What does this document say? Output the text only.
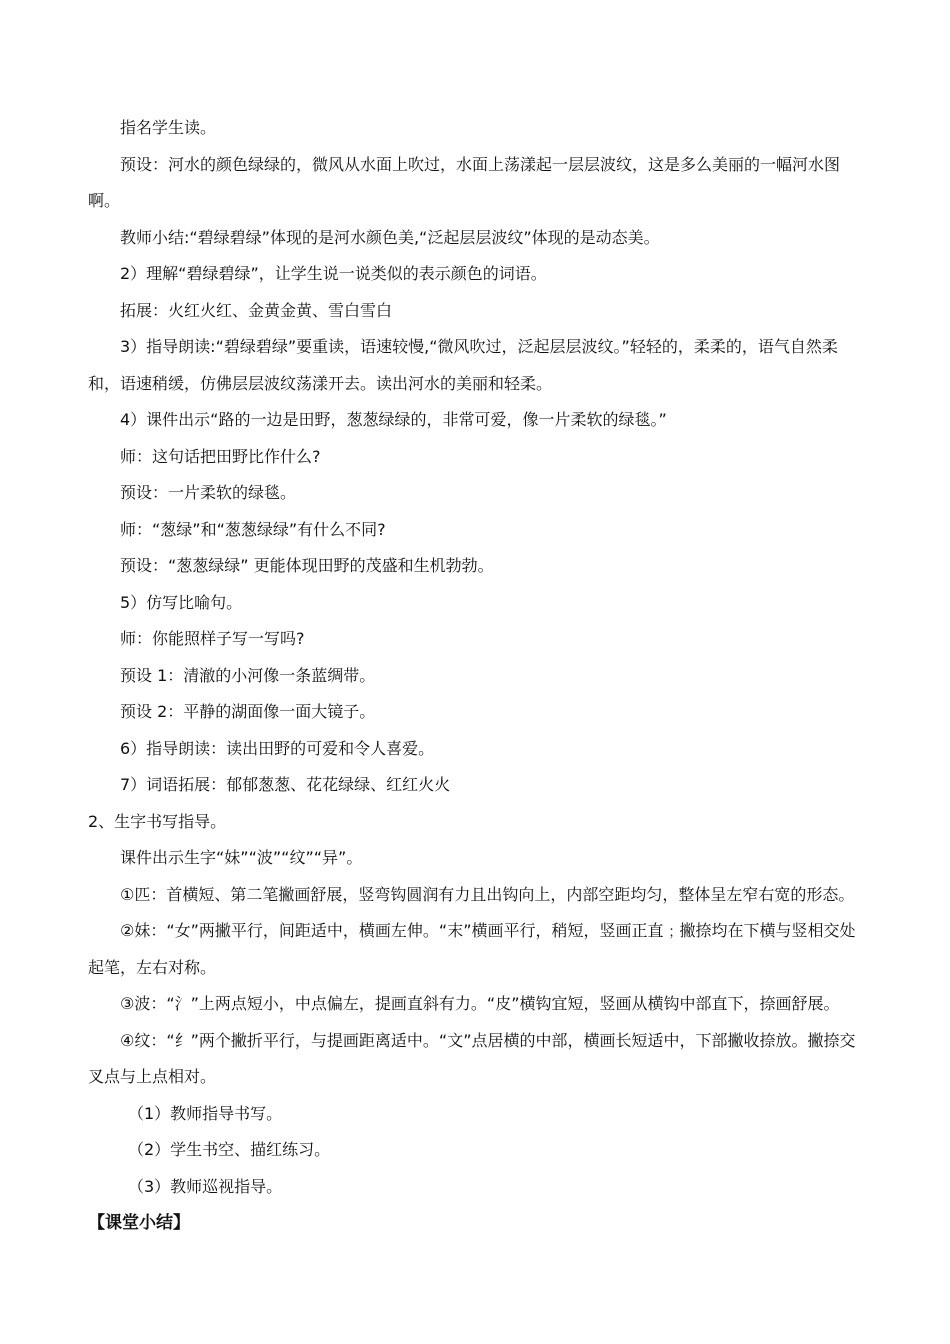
指名学生读。

预设：河水的颜色绿绿的，微风从水面上吹过，水面上荡漾起一层层波纹，这是多么美丽的一幅河水图啊。

教师小结:“碧绿碧绿”体现的是河水颜色美,“泛起层层波纹”体现的是动态美。

2）理解“碧绿碧绿”，让学生说一说类似的表示颜色的词语。

拓展：火红火红、金黄金黄、雪白雪白

3）指导朗读:“碧绿碧绿”要重读，语速较慢,“微风吹过，泛起层层波纹。”轻轻的，柔柔的，语气自然柔和，语速稍缓，仿佛层层波纹荡漾开去。读出河水的美丽和轻柔。

4）课件出示“路的一边是田野，葱葱绿绿的，非常可爱，像一片柔软的绿毯。”

师：这句话把田野比作什么?

预设：一片柔软的绿毯。

师：“葱绿”和“葱葱绿绿”有什么不同?

预设：“葱葱绿绿” 更能体现田野的茂盛和生机勃勃。

5）仿写比喻句。

师：你能照样子写一写吗?

预设 1：清澈的小河像一条蓝绸带。

预设 2：平静的湖面像一面大镜子。

6）指导朗读：读出田野的可爱和令人喜爱。

7）词语拓展：郁郁葱葱、花花绿绿、红红火火

2、生字书写指导。

课件出示生字“妹”“波”“纹”“异”。

①匹：首横短、第二笔撇画舒展，竖弯钩圆润有力且出钩向上，内部空距均匀，整体呈左窄右宽的形态。

②妹：“女”两撇平行，间距适中，横画左伸。“末”横画平行，稍短，竖画正直﹔撇捺均在下横与竖相交处起笔，左右对称。

③波：“氵”上两点短小，中点偏左，提画直斜有力。“皮”横钩宜短，竖画从横钩中部直下，捺画舒展。

④纹：“纟”两个撇折平行，与提画距离适中。“文”点居横的中部，横画长短适中，下部撇收捺放。撇捺交叉点与上点相对。

（1）教师指导书写。

（2）学生书空、描红练习。

（3）教师巡视指导。

【课堂小结】
